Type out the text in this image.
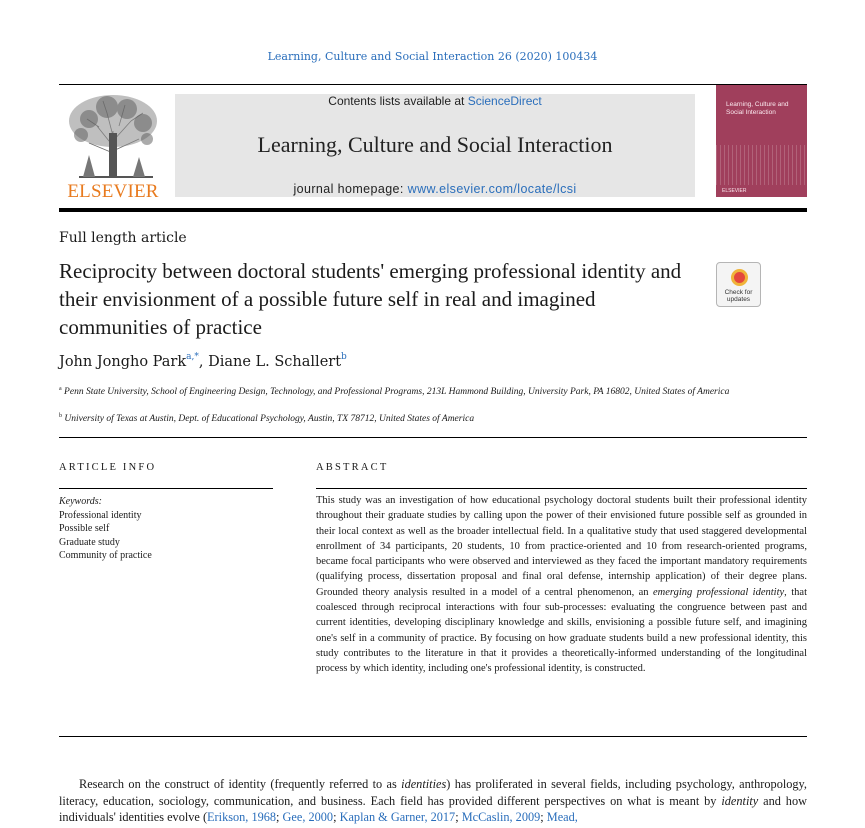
Learning, Culture and Social Interaction 26 (2020) 100434
ELSEVIER
Contents lists available at ScienceDirect
Learning, Culture and Social Interaction
journal homepage: www.elsevier.com/locate/lcsi
Learning, Culture and Social Interaction
ELSEVIER
Full length article
Reciprocity between doctoral students' emerging professional identity and their envisionment of a possible future self in real and imagined communities of practice
Check for updates
John Jongho Park$^{a,*}$, Diane L. Schallert$^b$
$^a$ Penn State University, School of Engineering Design, Technology, and Professional Programs, 213L Hammond Building, University Park, PA 16802, United States of America
$^b$ University of Texas at Austin, Dept. of Educational Psychology, Austin, TX 78712, United States of America
ARTICLE INFO	ABSTRACT
Keywords:
Professional identity
Possible self
Graduate study
Community of practice
This study was an investigation of how educational psychology doctoral students built their professional identity throughout their graduate studies by calling upon the power of their envisioned future possible self as grounded in their local context as well as the broader intellectual field. In a qualitative study that used staggered developmental enrollment of 34 participants, 20 students, 10 from practice-oriented and 10 from research-oriented programs, became focal participants who were observed and interviewed as they faced the important mandatory requirements (qualifying process, dissertation proposal and final oral defense, internship application) of their degree plans. Grounded theory analysis resulted in a model of a central phenomenon, an emerging professional identity, that coalesced through reciprocal interactions with four sub-processes: evaluating the congruence between past and current identities, developing disciplinary knowledge and skills, envisioning a possible future self, and imagining one's self in a community of practice. By focusing on how graduate students build a new professional identity, this study contributes to the literature in that it provides a theoretically-informed understanding of the longitudinal process by which identity, including one's professional identity, is constructed.
Research on the construct of identity (frequently referred to as identities) has proliferated in several fields, including psychology, anthropology, literacy, education, sociology, communication, and business. Each field has provided different perspectives on what is meant by identity and how individuals' identities evolve (Erikson, 1968; Gee, 2000; Kaplan & Garner, 2017; McCaslin, 2009; Mead,
